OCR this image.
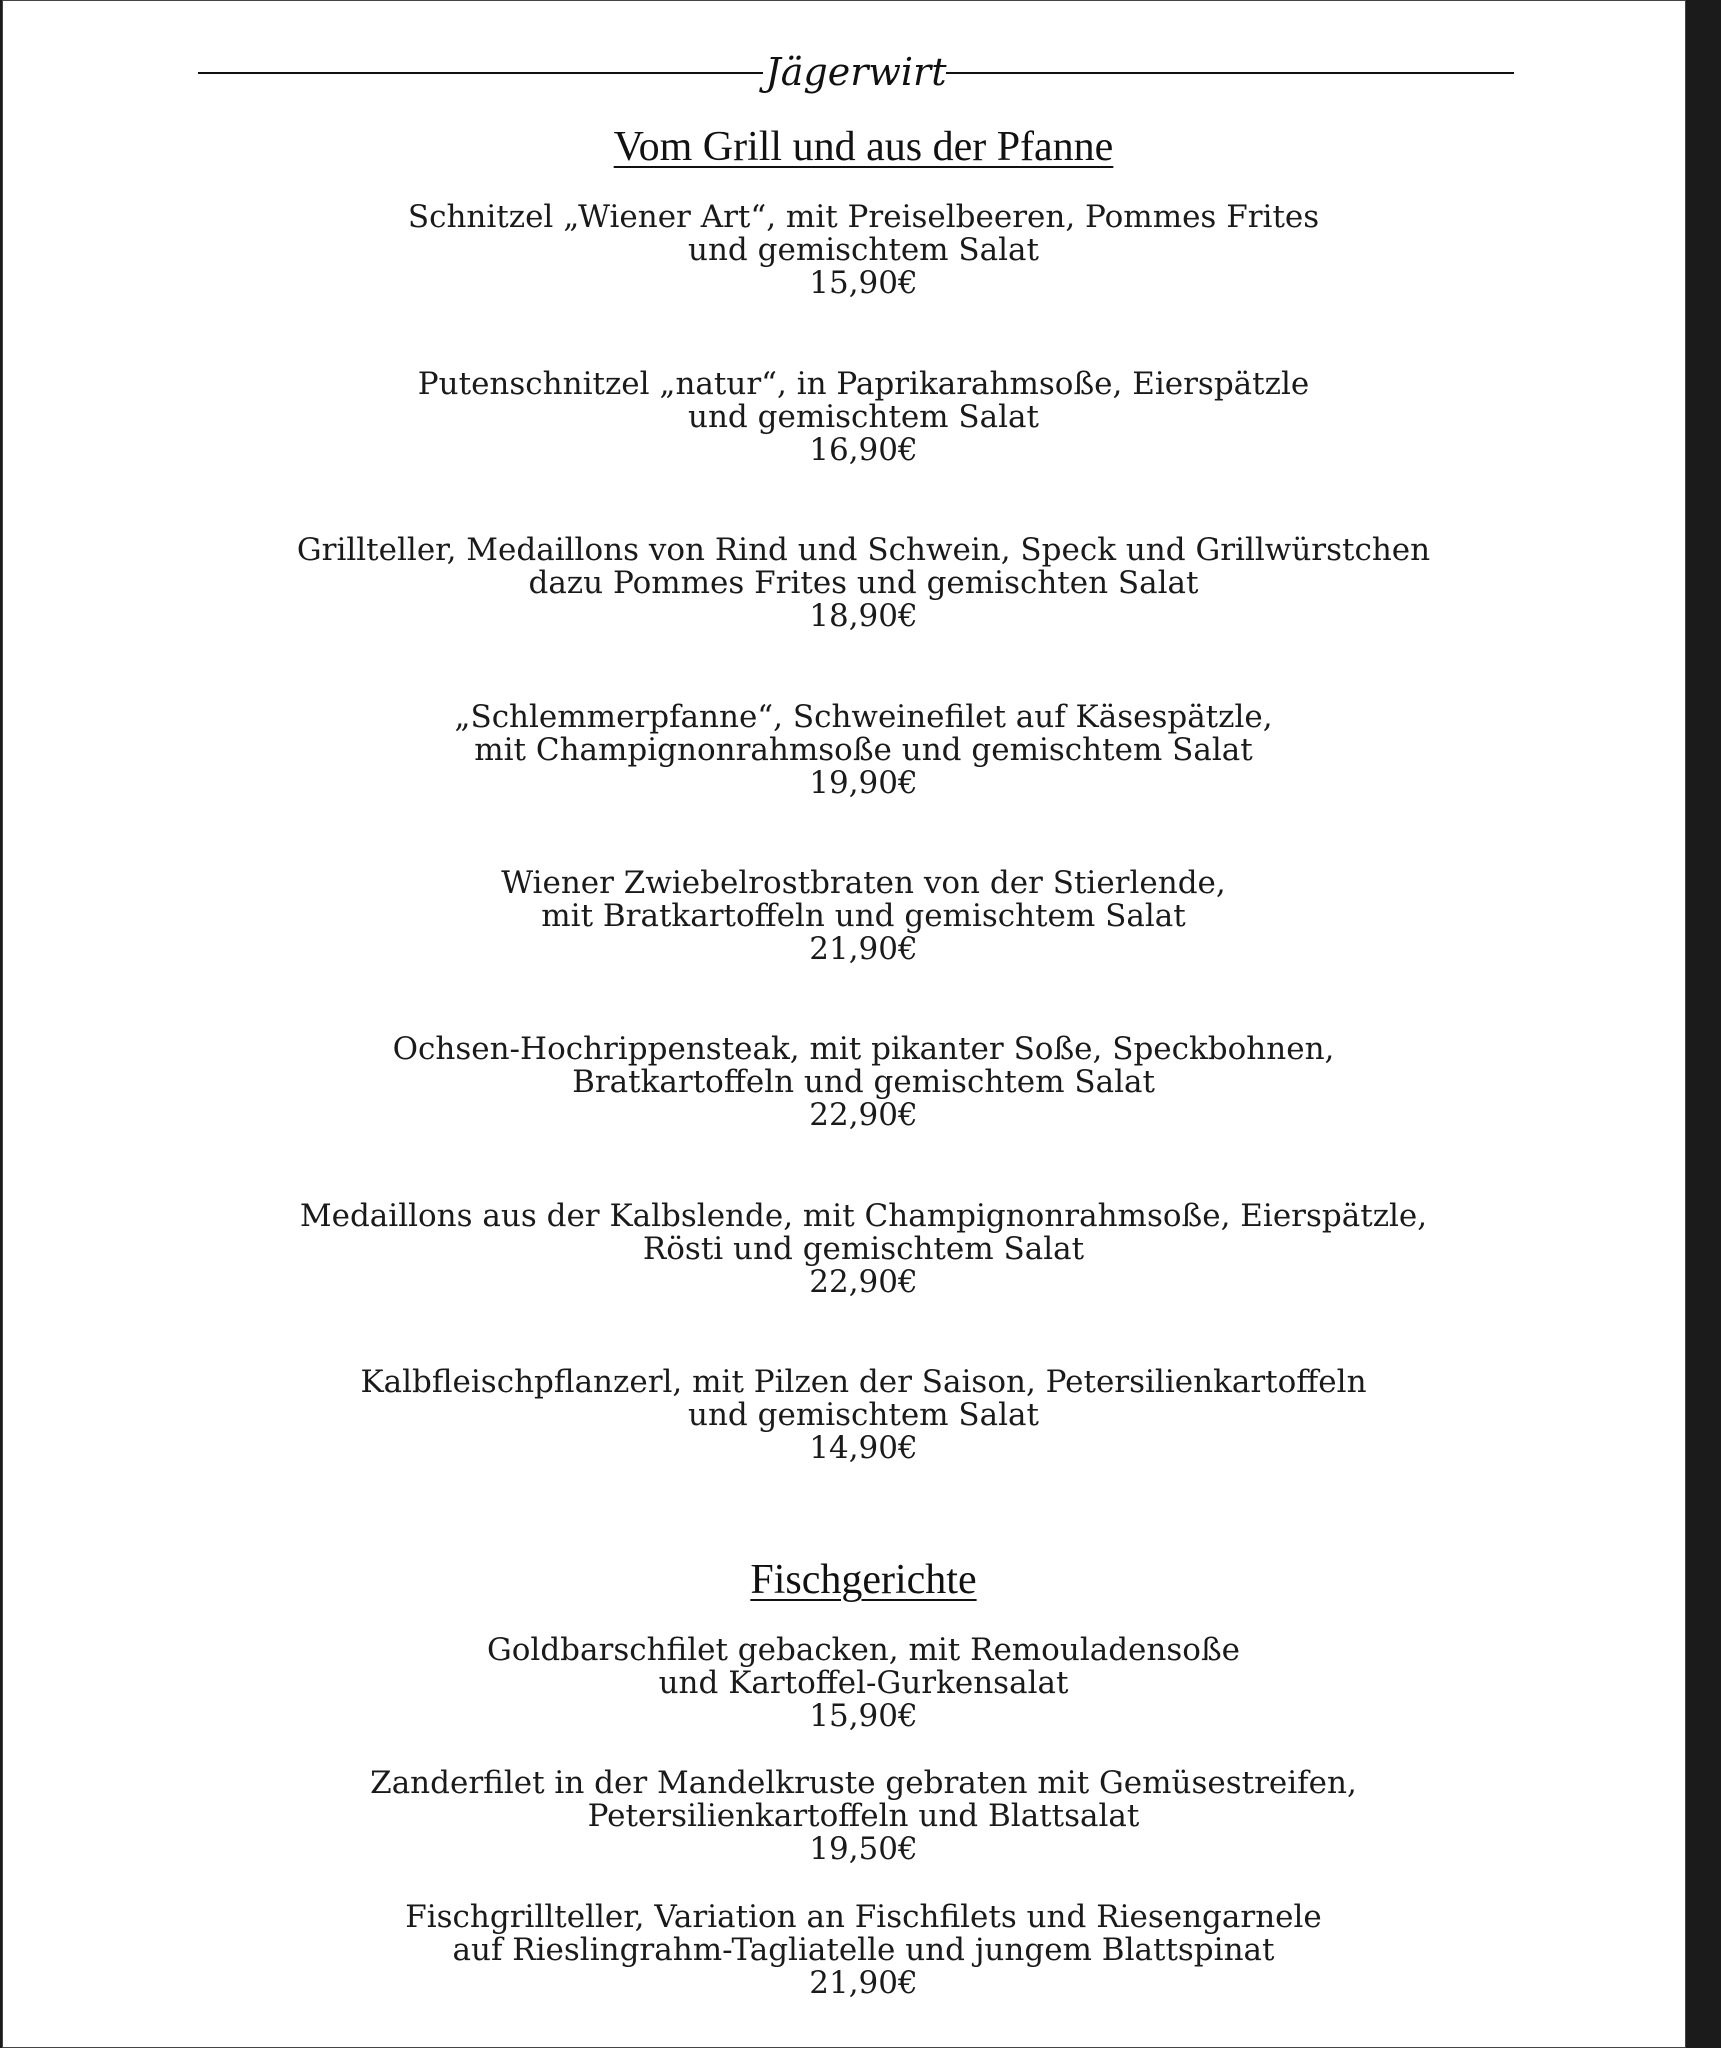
Jägerwirt
Vom Grill und aus der Pfanne
Schnitzel „Wiener Art“, mit Preiselbeeren, Pommes Frites
und gemischtem Salat
15,90€
Putenschnitzel „natur“, in Paprikarahmsoße, Eierspätzle
und gemischtem Salat
16,90€
Grillteller, Medaillons von Rind und Schwein, Speck und Grillwürstchen
dazu Pommes Frites und gemischten Salat
18,90€
„Schlemmerpfanne“, Schweinefilet auf Käsespätzle,
mit Champignonrahmsoße und gemischtem Salat
19,90€
Wiener Zwiebelrostbraten von der Stierlende,
mit Bratkartoffeln und gemischtem Salat
21,90€
Ochsen-Hochrippensteak, mit pikanter Soße, Speckbohnen,
Bratkartoffeln und gemischtem Salat
22,90€
Medaillons aus der Kalbslende, mit Champignonrahmsoße, Eierspätzle,
Rösti und gemischtem Salat
22,90€
Kalbfleischpflanzerl, mit Pilzen der Saison, Petersilienkartoffeln
und gemischtem Salat
14,90€
Fischgerichte
Goldbarschfilet gebacken, mit Remouladensoße
und Kartoffel-Gurkensalat
15,90€
Zanderfilet in der Mandelkruste gebraten mit Gemüsestreifen,
Petersilienkartoffeln und Blattsalat
19,50€
Fischgrillteller, Variation an Fischfilets und Riesengarnele
auf Rieslingrahm-Tagliatelle und jungem Blattspinat
21,90€
